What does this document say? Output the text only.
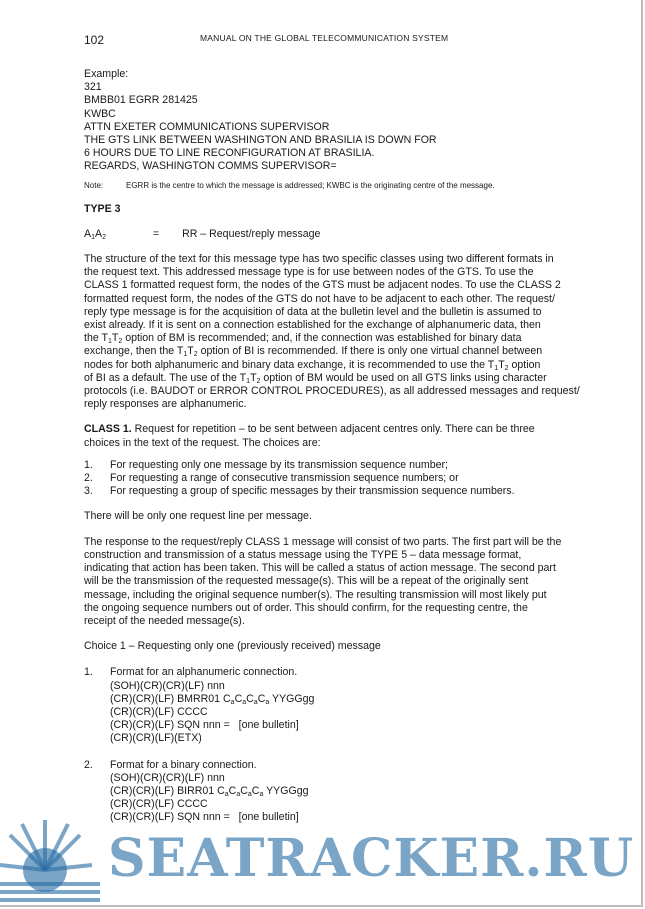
102	MANUAL ON THE GLOBAL TELECOMMUNICATION SYSTEM
Example:
321
BMBB01 EGRR 281425
KWBC
ATTN EXETER COMMUNICATIONS SUPERVISOR
THE GTS LINK BETWEEN WASHINGTON AND BRASILIA IS DOWN FOR
6 HOURS DUE TO LINE RECONFIGURATION AT BRASILIA.
REGARDS, WASHINGTON COMMS SUPERVISOR=
Note:	EGRR is the centre to which the message is addressed; KWBC is the originating centre of the message.
TYPE 3
$A_1A_2$	= RR – Request/reply message
The structure of the text for this message type has two specific classes using two different formats in
the request text. This addressed message type is for use between nodes of the GTS. To use the
CLASS 1 formatted request form, the nodes of the GTS must be adjacent nodes. To use the CLASS 2
formatted request form, the nodes of the GTS do not have to be adjacent to each other. The request/
reply type message is for the acquisition of data at the bulletin level and the bulletin is assumed to
exist already. If it is sent on a connection established for the exchange of alphanumeric data, then
the $T_1T_2$ option of BM is recommended; and, if the connection was established for binary data
exchange, then the $T_1T_2$ option of BI is recommended. If there is only one virtual channel between
nodes for both alphanumeric and binary data exchange, it is recommended to use the $T_1T_2$ option
of BI as a default. The use of the $T_1T_2$ option of BM would be used on all GTS links using character
protocols (i.e. BAUDOT or ERROR CONTROL PROCEDURES), as all addressed messages and request/
reply responses are alphanumeric.
CLASS 1. Request for repetition – to be sent between adjacent centres only. There can be three
choices in the text of the request. The choices are:
1. For requesting only one message by its transmission sequence number;
2. For requesting a range of consecutive transmission sequence numbers; or
3. For requesting a group of specific messages by their transmission sequence numbers.
There will be only one request line per message.
The response to the request/reply CLASS 1 message will consist of two parts. The first part will be the
construction and transmission of a status message using the TYPE 5 – data message format,
indicating that action has been taken. This will be called a status of action message. The second part
will be the transmission of the requested message(s). This will be a repeat of the originally sent
message, including the original sequence number(s). The resulting transmission will most likely put
the ongoing sequence numbers out of order. This should confirm, for the requesting centre, the
receipt of the needed message(s).
Choice 1 – Requesting only one (previously received) message
1. Format for an alphanumeric connection.
(SOH)(CR)(CR)(LF) nnn
(CR)(CR)(LF) BMRR01 $C_aC_aC_aC_a$ YYGGgg
(CR)(CR)(LF) CCCC
(CR)(CR)(LF) SQN nnn = [one bulletin]
(CR)(CR)(LF)(ETX)
2. Format for a binary connection.
(SOH)(CR)(CR)(LF) nnn
(CR)(CR)(LF) BIRR01 $C_aC_aC_aC_a$ YYGGgg
(CR)(CR)(LF) CCCC
(CR)(CR)(LF) SQN nnn = [one bulletin]
SEATRACKER.RU
